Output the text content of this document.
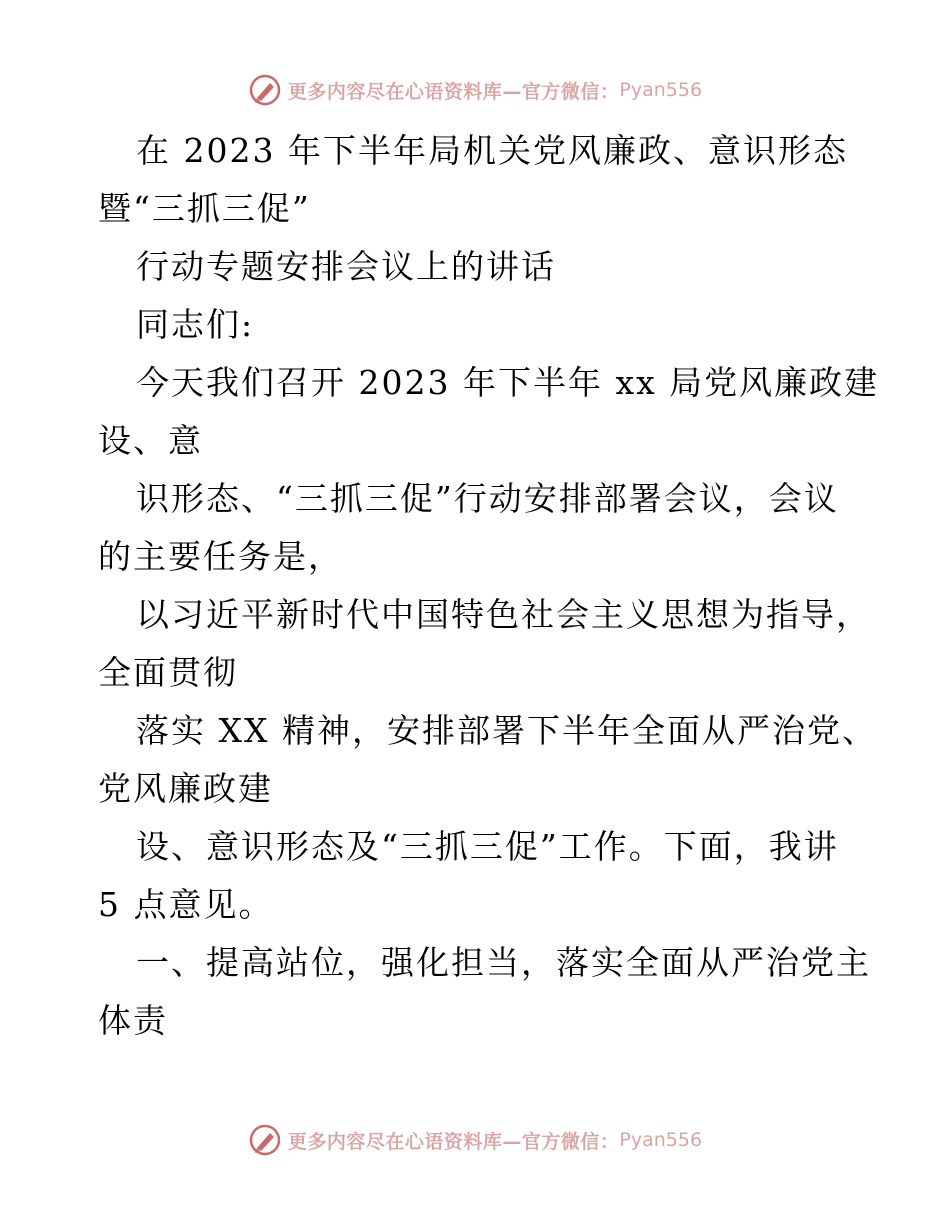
更多内容尽在心语资料库—官方微信： Pyan556
在 2023 年下半年局机关党风廉政、意识形态
暨“三抓三促”
行动专题安排会议上的讲话
同志们:
今天我们召开 2023 年下半年 xx 局党风廉政建
设、意
识形态、“三抓三促”行动安排部署会议，会议
的主要任务是，
以习近平新时代中国特色社会主义思想为指导，
全面贯彻
落实 XX 精神，安排部署下半年全面从严治党、
党风廉政建
设、意识形态及“三抓三促”工作。下面，我讲
5 点意见。
一、提高站位，强化担当，落实全面从严治党主
体责
更多内容尽在心语资料库—官方微信： Pyan556
